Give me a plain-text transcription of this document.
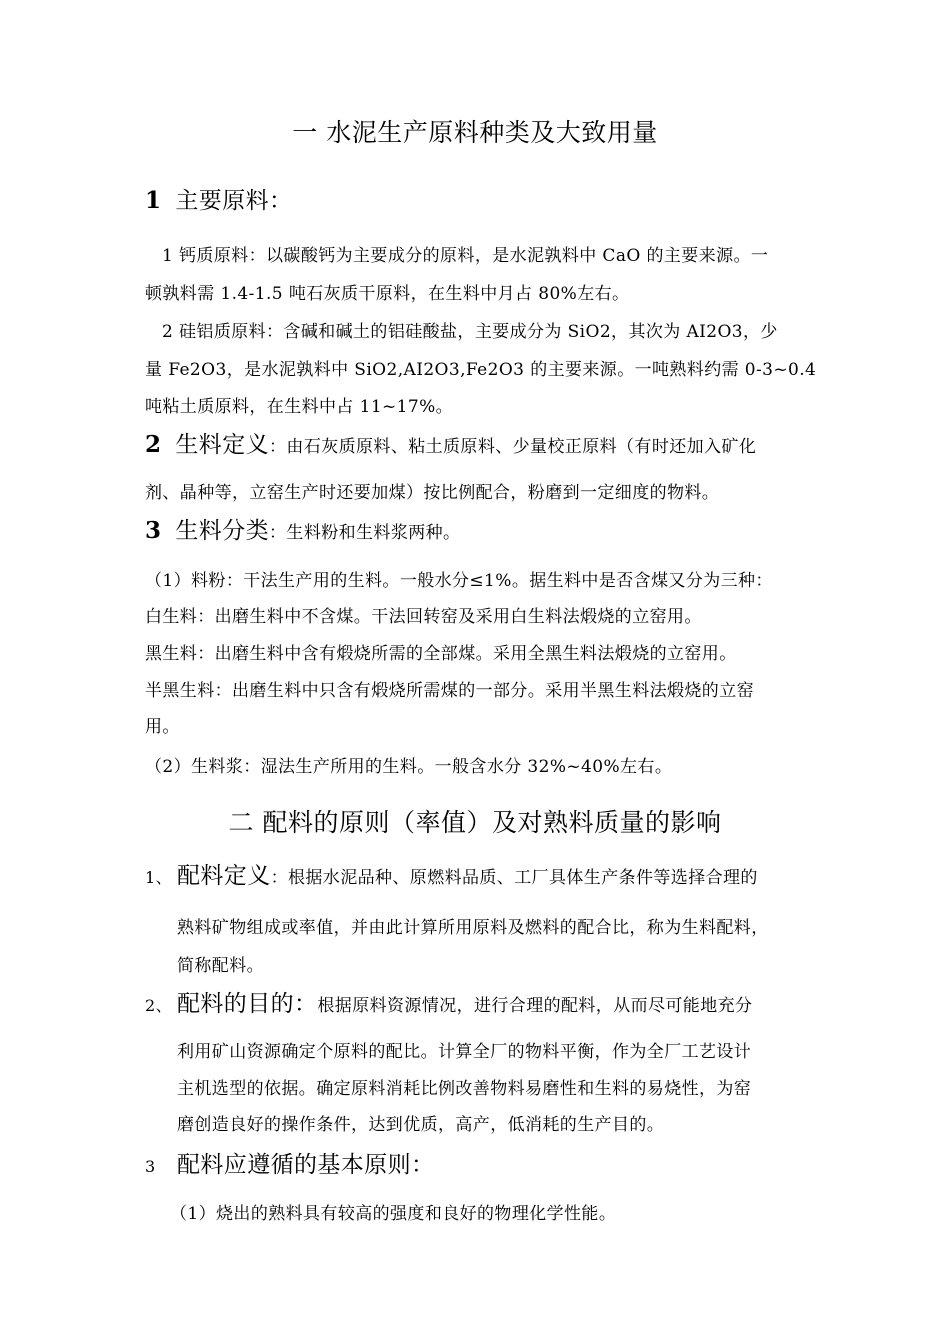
一 水泥生产原料种类及大致用量
1 主要原料：
1 钙质原料：以碳酸钙为主要成分的原料，是水泥孰料中 CaO 的主要来源。一
顿孰料需 1.4-1.5 吨石灰质干原料，在生料中月占 80%左右。
2 硅铝质原料：含碱和碱土的铝硅酸盐，主要成分为 SiO2，其次为 AI2O3，少
量 Fe2O3，是水泥孰料中 SiO2,AI2O3,Fe2O3 的主要来源。一吨熟料约需 0-3~0.4
吨粘土质原料，在生料中占 11~17%。
2 生料定义：由石灰质原料、粘土质原料、少量校正原料（有时还加入矿化
剂、晶种等，立窑生产时还要加煤）按比例配合，粉磨到一定细度的物料。
3 生料分类：生料粉和生料浆两种。
（1）料粉：干法生产用的生料。一般水分≤1%。据生料中是否含煤又分为三种：
白生料：出磨生料中不含煤。干法回转窑及采用白生料法煅烧的立窑用。
黑生料：出磨生料中含有煅烧所需的全部煤。采用全黑生料法煅烧的立窑用。
半黑生料：出磨生料中只含有煅烧所需煤的一部分。采用半黑生料法煅烧的立窑
用。
（2）生料浆：湿法生产所用的生料。一般含水分 32%~40%左右。
二 配料的原则（率值）及对熟料质量的影响
1、 配料定义：根据水泥品种、原燃料品质、工厂具体生产条件等选择合理的
熟料矿物组成或率值，并由此计算所用原料及燃料的配合比，称为生料配料，
简称配料。
2、 配料的目的：根据原料资源情况，进行合理的配料，从而尽可能地充分
利用矿山资源确定个原料的配比。计算全厂的物料平衡，作为全厂工艺设计
主机选型的依据。确定原料消耗比例改善物料易磨性和生料的易烧性，为窑
磨创造良好的操作条件，达到优质，高产，低消耗的生产目的。
3 配料应遵循的基本原则：
（1）烧出的熟料具有较高的强度和良好的物理化学性能。
